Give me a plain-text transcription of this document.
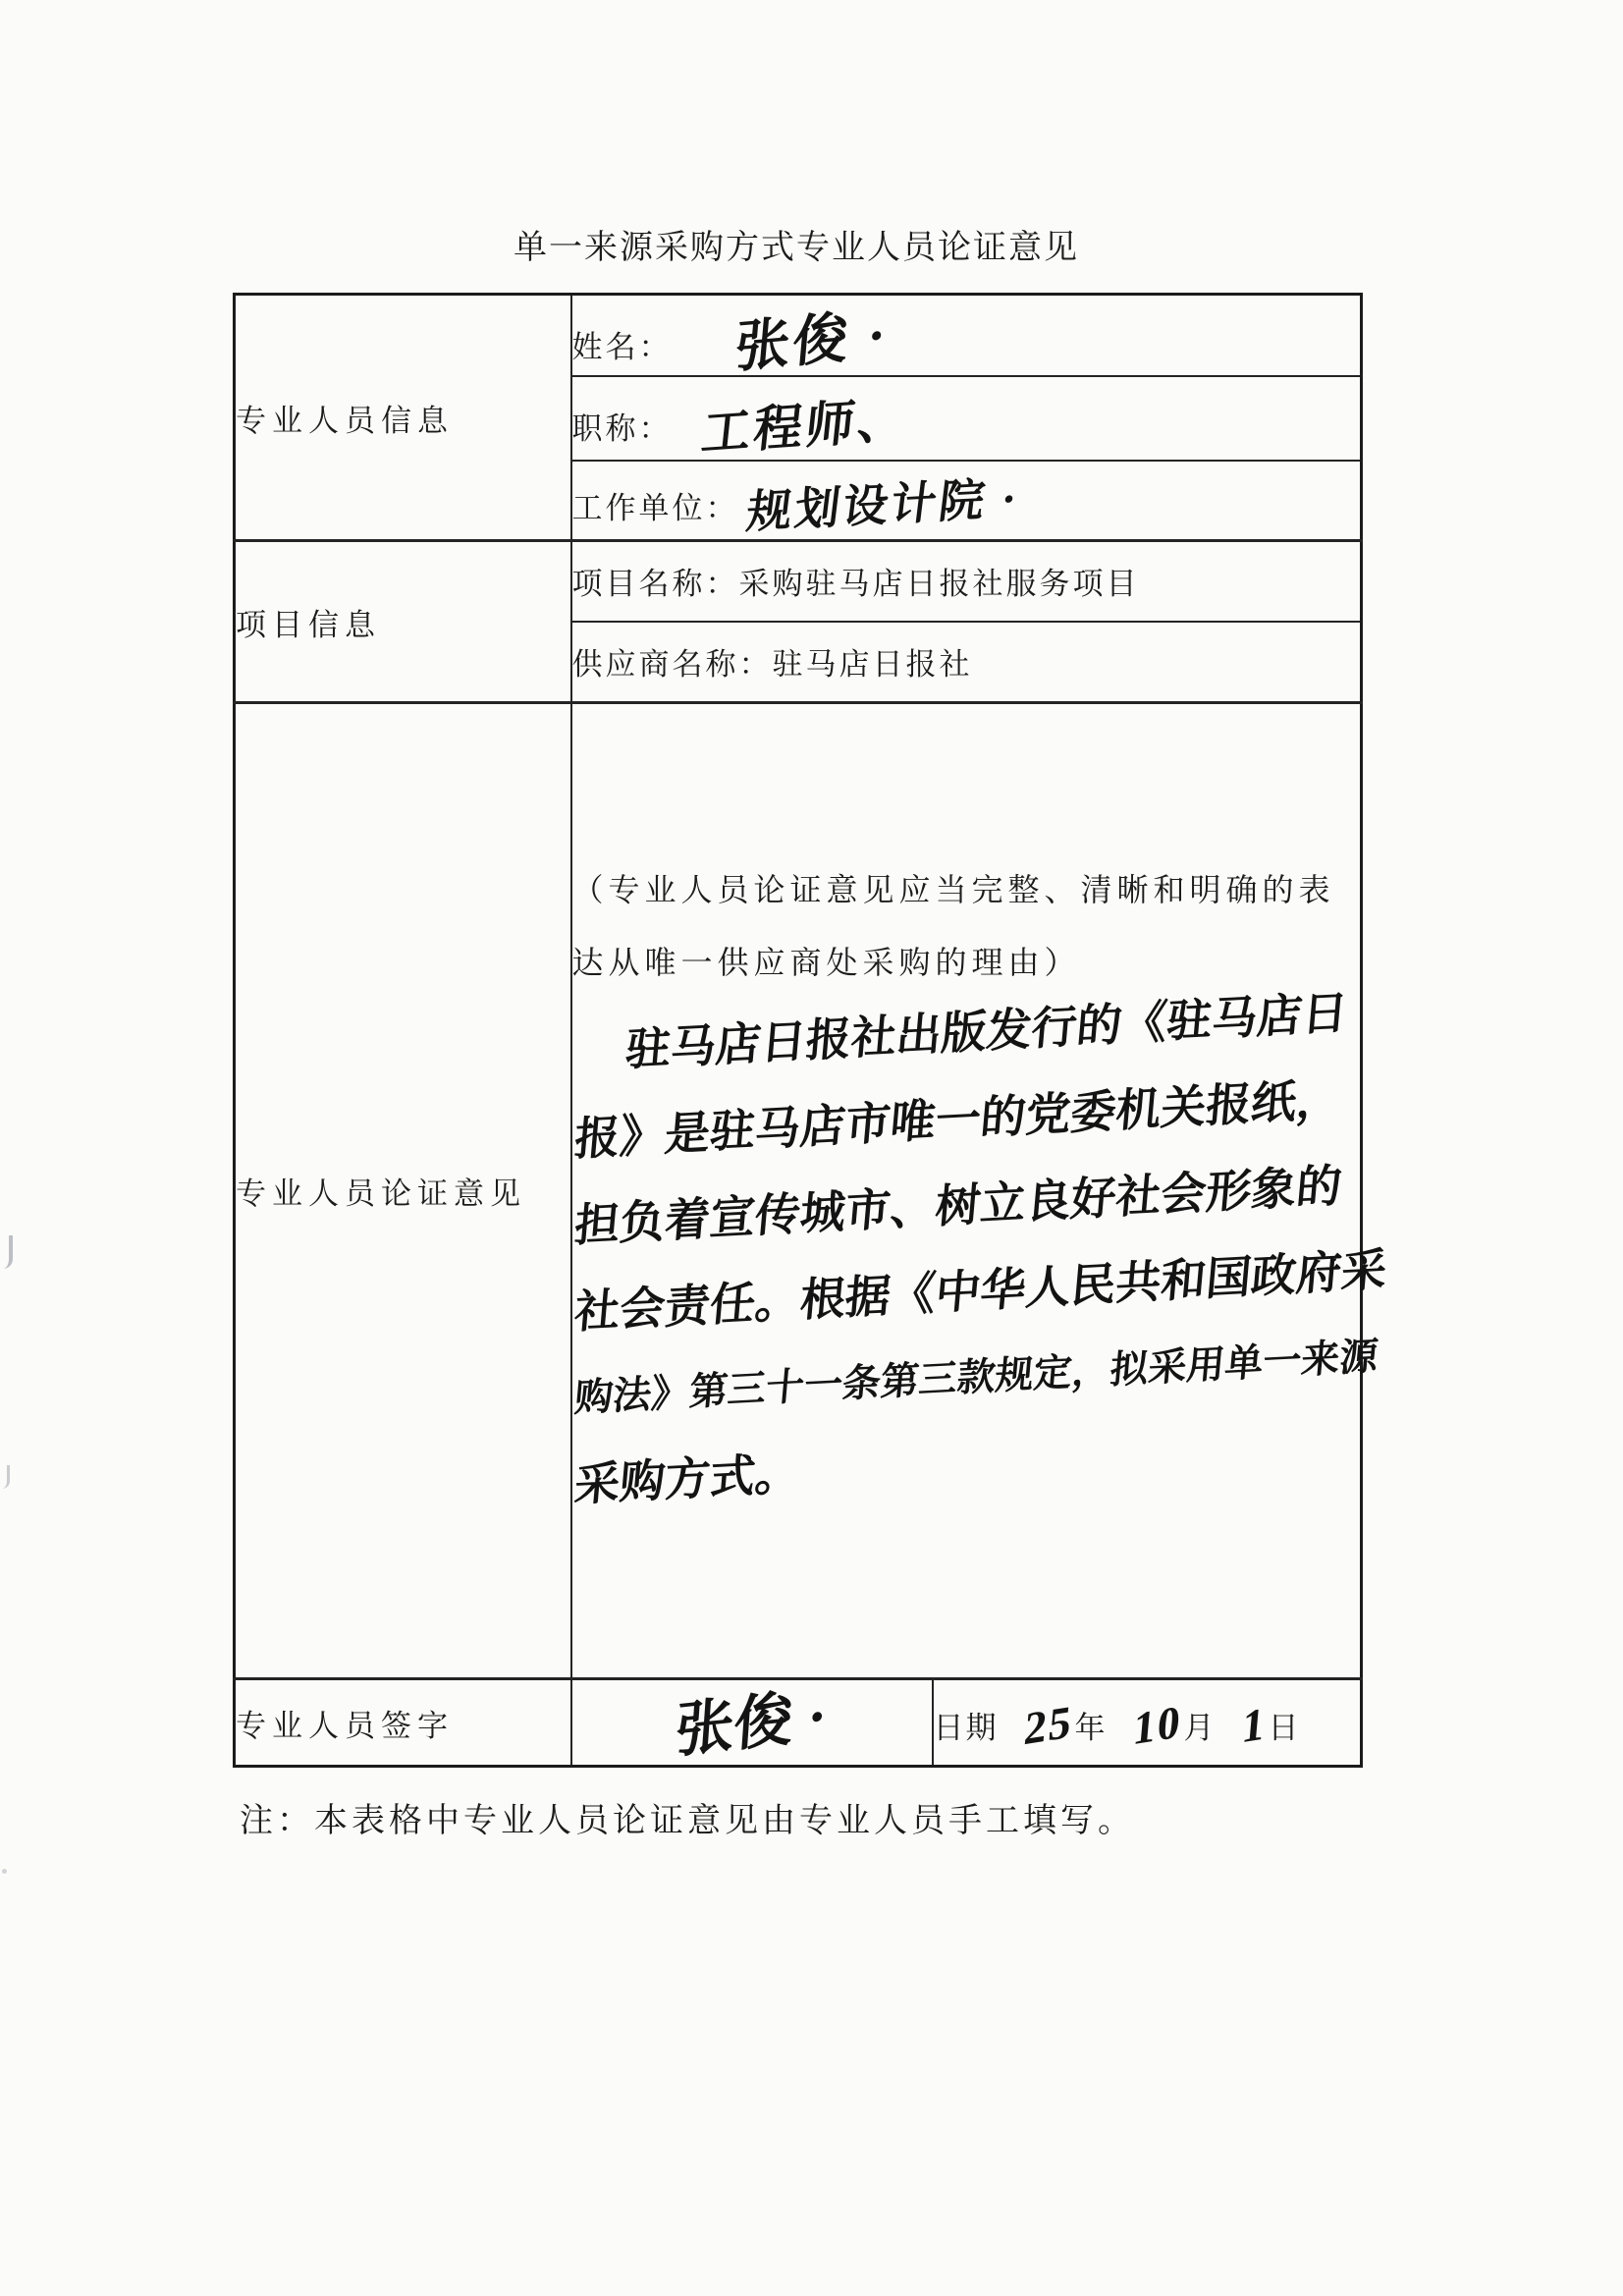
单一来源采购方式专业人员论证意见
专业人员信息	姓名： 张俊 ·	
	职称： 工程师、	
	工作单位： 规划设计院 ·	
项目信息	项目名称：采购驻马店日报社服务项目	
	供应商名称：驻马店日报社	
专业人员论证意见	
（专业人员论证意见应当完整、清晰和明确的表
达从唯一供应商处采购的理由）
驻马店日报社出版发行的《驻马店日
报》是驻马店市唯一的党委机关报纸，
担负着宣传城市、树立良好社会形象的
社会责任。根据《中华人民共和国政府采
购法》第三十一条第三款规定，拟采用单一来源
采购方式。

专业人员签字	张俊 ·	日期 25年 10月 1日
注：本表格中专业人员论证意见由专业人员手工填写。
